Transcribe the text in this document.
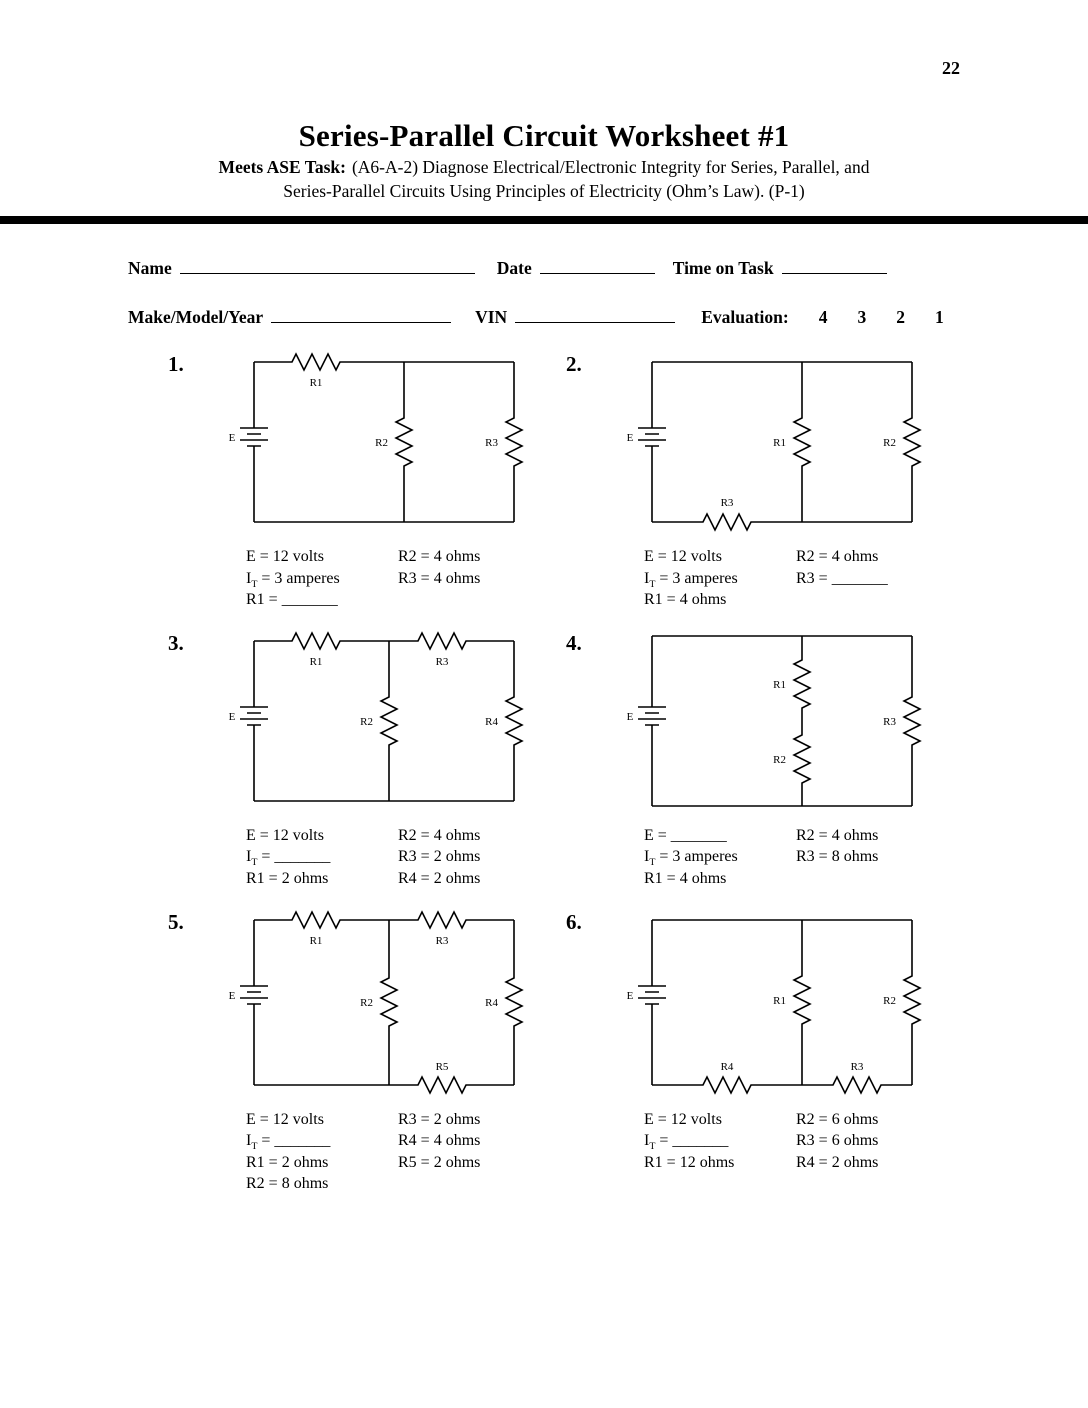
22
Series-Parallel Circuit Worksheet #1

Meets ASE Task: (A6-A-2) Diagnose Electrical/Electronic Integrity for Series, Parallel, and

Series-Parallel Circuits Using Principles of Electricity (Ohm’s Law). (P-1)

Name	Date	Time on Task
Make/Model/Year	VIN	Evaluation: 4 3 2 1
1.
E
R1
R2	R3
E = 12 volts
$I_T = 3$ amperes
R1 = _______
R2 = 4 ohms
R3 = 4 ohms
2.
E	R1	R2
R3
E = 12 volts
$I_T = 3$ amperes
R1 = 4 ohms
R2 = 4 ohms
R3 = _______
3.
E
R1	R3
R2	R4
E = 12 volts
$I_T$ = _______
R1 = 2 ohms
R2 = 4 ohms
R3 = 2 ohms
R4 = 2 ohms
4.
E
R1
R2
R3
E = _______
$I_T = 3$ amperes
R1 = 4 ohms
R2 = 4 ohms
R3 = 8 ohms
5.
E
R1	R3
R2	R4
R5
E = 12 volts
$I_T$ = _______
R1 = 2 ohms
R2 = 8 ohms
R3 = 2 ohms
R4 = 4 ohms
R5 = 2 ohms
6.
E	R1	R2
R4	R3
E = 12 volts
$I_T$ = _______
R1 = 12 ohms
R2 = 6 ohms
R3 = 6 ohms
R4 = 2 ohms
